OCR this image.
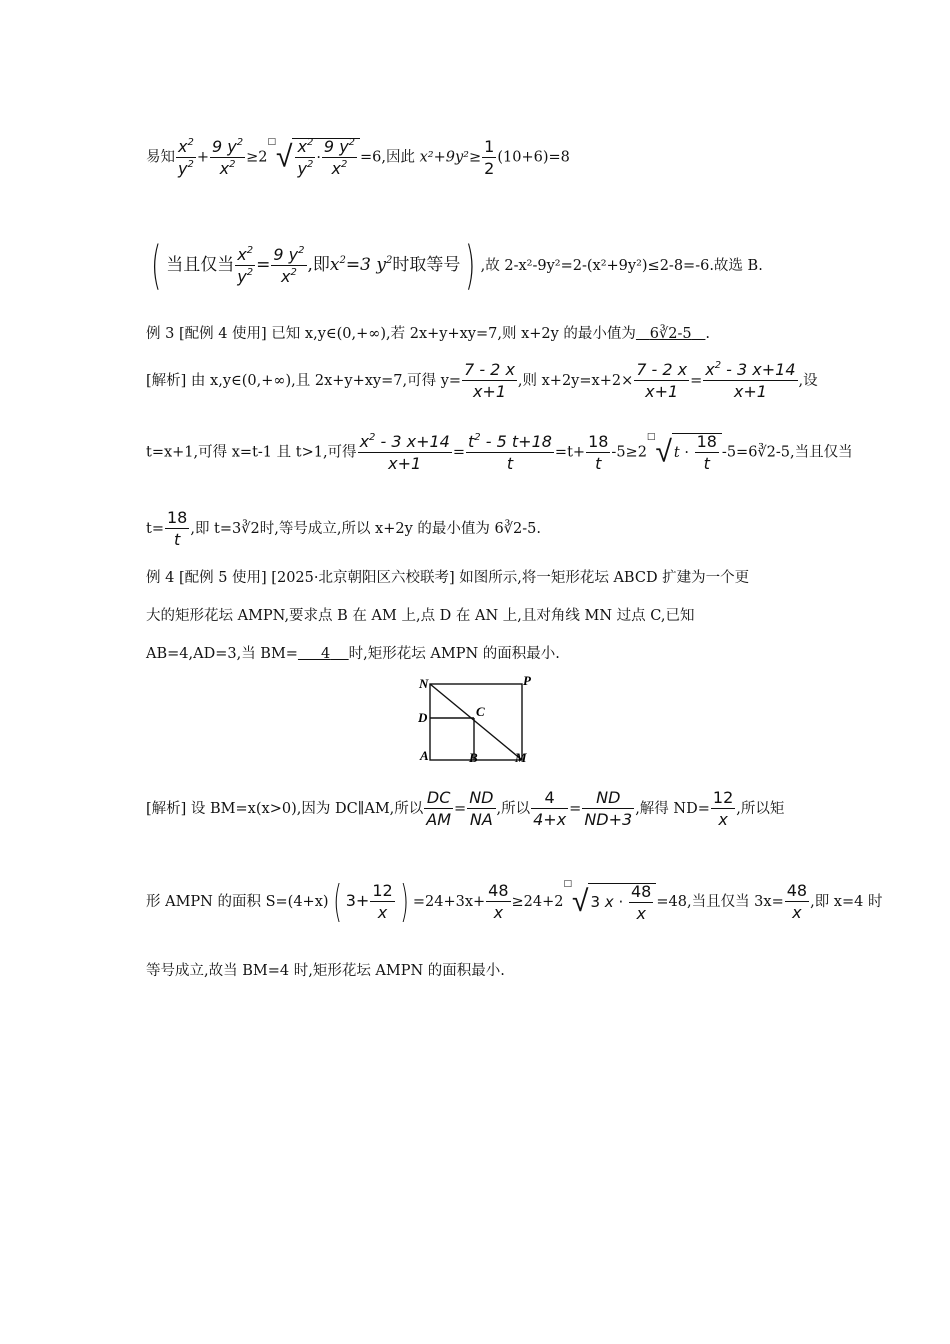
易知 $\frac{x^2}{y^2} + \frac{9 y^2}{x^2} \ge 2^□√ \frac{x^2}{y^2} \cdot \frac{9 y^2}{x^2} =6$,因此 $x^2+9y^2\ge \frac{1}{2} (10+6)=8$
( 当且仅当 $\frac{x^2}{y^2} = \frac{9 y^2}{x^2}$ ,即$x^2=3$ $y^2$时取等号) ,故 2-x²-9y²=2-(x²+9y²)≤2-8=-6.故选 B.
例 3 [配例 4 使用] 已知 x,y∈(0,+∞),若 2x+y+xy=7,则 x+2y 的最小值为 6∛2-5 .
[解析] 由 x,y∈(0,+∞),且 2x+y+xy=7,可得 $y= \frac{7 - 2 x}{x+1}$ ,则 $x+2y=x+2\times \frac{7 - 2 x}{x+1} = \frac{x^2 - 3 x+14}{x+1}$ ,设
t=x+1,可得 x=t-1 且 t>1,可得 $\frac{x^2 - 3 x+14}{x+1} = \frac{t^2 - 5 t+18}{t} =t+ \frac{18}{t} -5\ge 2^□√$ $t \cdot \frac{18}{t}$ -5=6∛2-5,当且仅当
$t= \frac{18}{t}$ ,即 t=3∛2时,等号成立,所以 x+2y 的最小值为 6∛2-5.
例 4 [配例 5 使用] [2025·北京朝阳区六校联考] 如图所示,将一矩形花坛 ABCD 扩建为一个更
大的矩形花坛 AMPN,要求点 B 在 AM 上,点 D 在 AN 上,且对角线 MN 过点 C,已知
AB=4,AD=3,当 BM= 4 时,矩形花坛 AMPN 的面积最小.
N	P
D	C
A	B	M
[解析] 设 BM=x(x>0),因为 DC∥AM,所以 $\frac{DC}{AM} = \frac{ND}{NA}$ ,所以 $\frac{4}{4+x} = \frac{ND}{ND+3}$ ,解得 $ND= \frac{12}{x}$ ,所以矩
形 AMPN 的面积 S=(4+x)( $3+ \frac{12}{x}$ ) $=24+3x+ \frac{48}{x} \ge 24+2^□√$ 3 $x \cdot \frac{48}{x} =48$,当且仅当 $3x= \frac{48}{x}$ ,即 x=4 时
等号成立,故当 BM=4 时,矩形花坛 AMPN 的面积最小.
